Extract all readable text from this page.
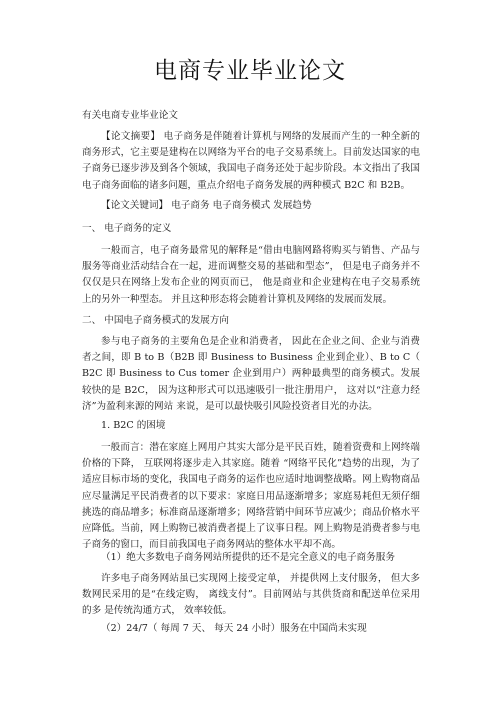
电商专业毕业论文

有关电商专业毕业论文

【论文摘要】 电子商务是伴随着计算机与网络的发展而产生的一种全新的商务形式，它主要是建构在以网络为平台的电子交易系统上。目前发达国家的电子商务已逐步涉及到各个领域，我国电子商务还处于起步阶段。本文指出了我国电子商务面临的诸多问题，重点介绍电子商务发展的两种模式 B2C 和 B2B。

【论文关键词】 电子商务 电子商务模式 发展趋势

一、 电子商务的定义

一般而言，电子商务最常见的解释是“借由电脑网路将购买与销售、产品与服务等商业活动结合在一起，进而调整交易的基础和型态”， 但是电子商务并不仅仅是只在网络上发布企业的网页而已， 他是商业和企业建构在电子交易系统上的另外一种型态。 并且这种形态将会随着计算机及网络的发展而发展。

二、 中国电子商务模式的发展方向

参与电子商务的主要角色是企业和消费者， 因此在企业之间、企业与消费 者之间，即 B to B（B2B 即 Business to Business 企业到企业）、B to C（ B2C 即 Business to Cus tomer 企业到用户）两种最典型的商务模式。发展较快的是 B2C， 因为这种形式可以迅速吸引一批注册用户， 这对以“注意力经济”为盈利来源的网站 来说，是可以最快吸引风险投资者目光的办法。

1. B2C 的困境

一般而言：潜在家庭上网用户其实大部分是平民百姓，随着资费和上网终端价格的下降， 互联网将逐步走入其家庭。随着 “网络平民化”趋势的出现，为了适应目标市场的变化，我国电子商务的运作也应适时地调整战略。网上购物商品应尽量满足平民消费者的以下要求：家庭日用品逐渐增多；家庭易耗但无须仔细挑选的商品增多；标准商品逐渐增多；网络营销中间环节应减少；商品价格水平应降低。当前，网上购物已被消费者提上了议事日程。网上购物是消费者参与电子商务的窗口，而目前我国电子商务网站的整体水平却不高。

（1）绝大多数电子商务网站所提供的还不是完全意义的电子商务服务

许多电子商务网站虽已实现网上接受定单， 并提供网上支付服务， 但大多 数网民采用的是“在线定购， 离线支付”。目前网站与其供货商和配送单位采用的多 是传统沟通方式， 效率较低。

（2）24/7（ 每周 7 天、 每天 24 小时）服务在中国尚未实现
